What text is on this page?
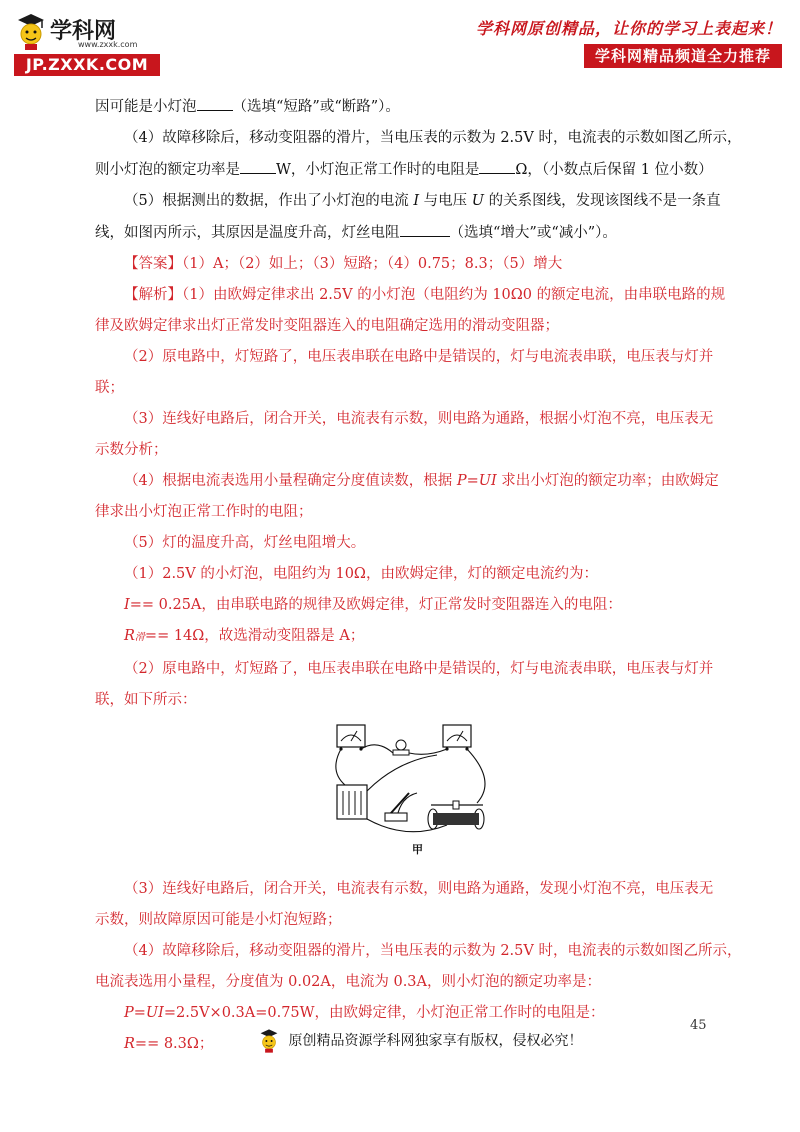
学科网
www.zxxk.com
JP.ZXXK.COM
学科网原创精品，让你的学习上表起来！
学科网精品频道全力推荐
因可能是小灯泡 （选填“短路”或“断路”）。
（4）故障移除后，移动变阻器的滑片，当电压表的示数为 2.5V 时，电流表的示数如图乙所示，
则小灯泡的额定功率是 W，小灯泡正常工作时的电阻是 Ω，（小数点后保留 1 位小数）
（5）根据测出的数据，作出了小灯泡的电流 I 与电压 U 的关系图线，发现该图线不是一条直
线，如图丙所示，其原因是温度升高，灯丝电阻	（选填“增大”或“减小”）。
【答案】（1）A；（2）如上；（3）短路；（4）0.75；8.3；（5）增大
【解析】（1）由欧姆定律求出 2.5V 的小灯泡（电阻约为 10Ω0 的额定电流，由串联电路的规
律及欧姆定律求出灯正常发时变阻器连入的电阻确定选用的滑动变阻器；
（2）原电路中，灯短路了，电压表串联在电路中是错误的，灯与电流表串联，电压表与灯并
联；
（3）连线好电路后，闭合开关，电流表有示数，则电路为通路，根据小灯泡不亮，电压表无
示数分析；
（4）根据电流表选用小量程确定分度值读数，根据 P=UI 求出小灯泡的额定功率；由欧姆定
律求出小灯泡正常工作时的电阻；
（5）灯的温度升高，灯丝电阻增大。
（1）2.5V 的小灯泡，电阻约为 10Ω，由欧姆定律，灯的额定电流约为：
I== 0.25A，由串联电路的规律及欧姆定律，灯正常发时变阻器连入的电阻：
R滑== 14Ω，故选滑动变阻器是 A；
（2）原电路中，灯短路了，电压表串联在电路中是错误的，灯与电流表串联，电压表与灯并
联，如下所示：
甲
（3）连线好电路后，闭合开关，电流表有示数，则电路为通路，发现小灯泡不亮，电压表无
示数，则故障原因可能是小灯泡短路；
（4）故障移除后，移动变阻器的滑片，当电压表的示数为 2.5V 时，电流表的示数如图乙所示，
电流表选用小量程，分度值为 0.02A，电流为 0.3A，则小灯泡的额定功率是：
P=UI=2.5V×0.3A=0.75W，由欧姆定律，小灯泡正常工作时的电阻是：
R== 8.3Ω；
45
原创精品资源学科网独家享有版权，侵权必究！
